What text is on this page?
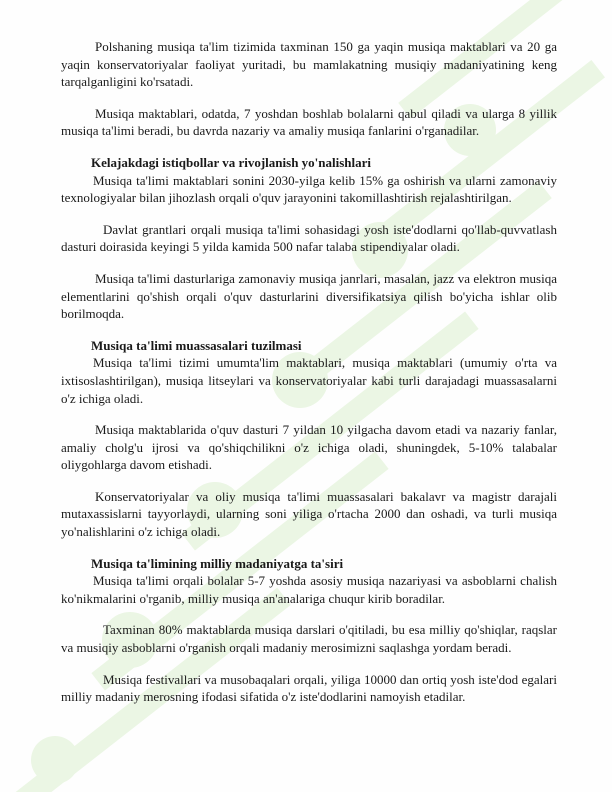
Polshaning musiqa ta'lim tizimida taxminan 150 ga yaqin musiqa maktablari va 20 ga yaqin konservatoriyalar faoliyat yuritadi, bu mamlakatning musiqiy madaniyatining keng tarqalganligini ko'rsatadi.

Musiqa maktablari, odatda, 7 yoshdan boshlab bolalarni qabul qiladi va ularga 8 yillik musiqa ta'limi beradi, bu davrda nazariy va amaliy musiqa fanlarini o'rganadilar.

Kelajakdagi istiqbollar va rivojlanish yo'nalishlari

Musiqa ta'limi maktablari sonini 2030-yilga kelib 15% ga oshirish va ularni zamonaviy texnologiyalar bilan jihozlash orqali o'quv jarayonini takomillashtirish rejalashtirilgan.

Davlat grantlari orqali musiqa ta'limi sohasidagi yosh iste'dodlarni qo'llab-quvvatlash dasturi doirasida keyingi 5 yilda kamida 500 nafar talaba stipendiyalar oladi.

Musiqa ta'limi dasturlariga zamonaviy musiqa janrlari, masalan, jazz va elektron musiqa elementlarini qo'shish orqali o'quv dasturlarini diversifikatsiya qilish bo'yicha ishlar olib borilmoqda.

Musiqa ta'limi muassasalari tuzilmasi

Musiqa ta'limi tizimi umumta'lim maktablari, musiqa maktablari (umumiy o'rta va ixtisoslashtirilgan), musiqa litseylari va konservatoriyalar kabi turli darajadagi muassasalarni o'z ichiga oladi.

Musiqa maktablarida o'quv dasturi 7 yildan 10 yilgacha davom etadi va nazariy fanlar, amaliy cholg'u ijrosi va qo'shiqchilikni o'z ichiga oladi, shuningdek, 5-10% talabalar oliygohlarga davom etishadi.

Konservatoriyalar va oliy musiqa ta'limi muassasalari bakalavr va magistr darajali mutaxassislarni tayyorlaydi, ularning soni yiliga o'rtacha 2000 dan oshadi, va turli musiqa yo'nalishlarini o'z ichiga oladi.

Musiqa ta'limining milliy madaniyatga ta'siri

Musiqa ta'limi orqali bolalar 5-7 yoshda asosiy musiqa nazariyasi va asboblarni chalish ko'nikmalarini o'rganib, milliy musiqa an'analariga chuqur kirib boradilar.

Taxminan 80% maktablarda musiqa darslari o'qitiladi, bu esa milliy qo'shiqlar, raqslar va musiqiy asboblarni o'rganish orqali madaniy merosimizni saqlashga yordam beradi.

Musiqa festivallari va musobaqalari orqali, yiliga 10000 dan ortiq yosh iste'dod egalari milliy madaniy merosning ifodasi sifatida o'z iste'dodlarini namoyish etadilar.
